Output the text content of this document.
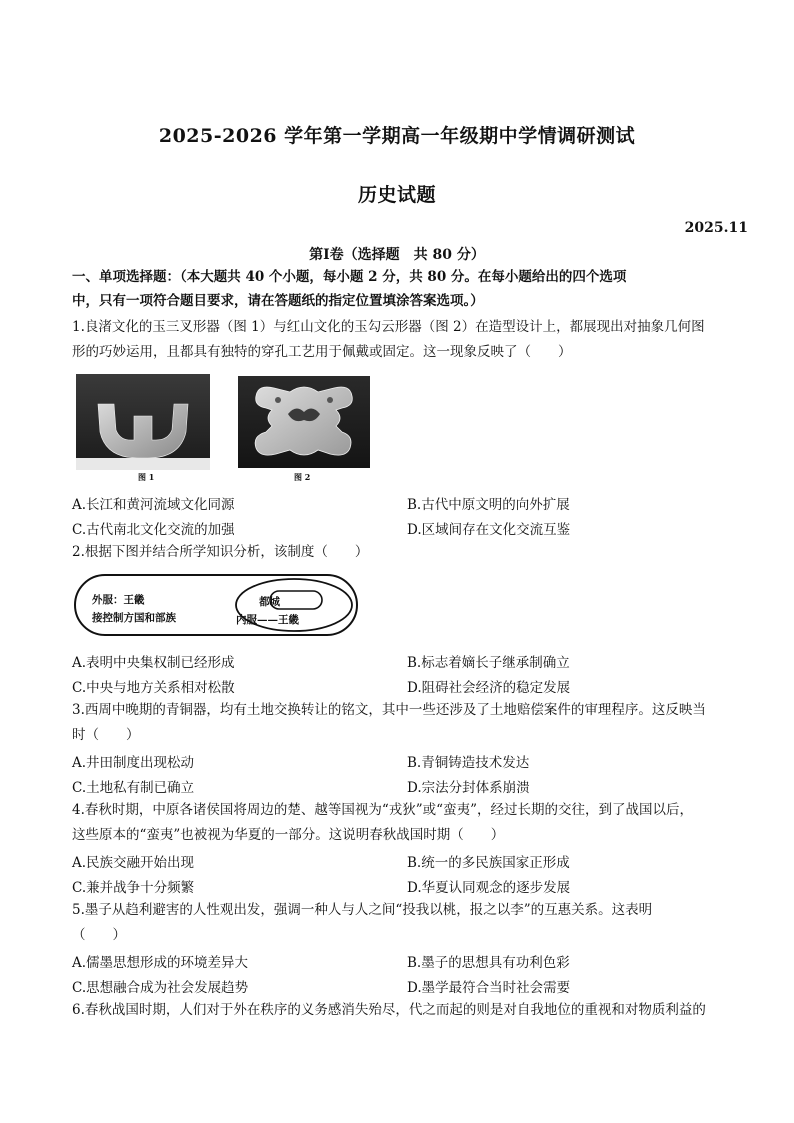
2025-2026 学年第一学期高一年级期中学情调研测试
历史试题
2025.11
第Ⅰ卷（选择题　共 80 分）
一、单项选择题：（本大题共 40 个小题，每小题 2 分，共 80 分。在每小题给出的四个选项
中，只有一项符合题目要求，请在答题纸的指定位置填涂答案选项。）
1.良渚文化的玉三叉形器（图 1）与红山文化的玉勾云形器（图 2）在造型设计上，都展现出对抽象几何图
形的巧妙运用，且都具有独特的穿孔工艺用于佩戴或固定。这一现象反映了（　　）
图 1	图 2
A.长江和黄河流域文化同源	B.古代中原文明的向外扩展
C.古代南北文化交流的加强	D.区域间存在文化交流互鉴
2.根据下图并结合所学知识分析，该制度（　　）
外服：王畿
接控制方国和部族
都城
内服——王畿
A.表明中央集权制已经形成	B.标志着嫡长子继承制确立
C.中央与地方关系相对松散	D.阻碍社会经济的稳定发展
3.西周中晚期的青铜器，均有土地交换转让的铭文，其中一些还涉及了土地赔偿案件的审理程序。这反映当
时（　　）
A.井田制度出现松动	B.青铜铸造技术发达
C.土地私有制已确立	D.宗法分封体系崩溃
4.春秋时期，中原各诸侯国将周边的楚、越等国视为“戎狄”或“蛮夷”，经过长期的交往，到了战国以后，
这些原本的“蛮夷”也被视为华夏的一部分。这说明春秋战国时期（　　）
A.民族交融开始出现	B.统一的多民族国家正形成
C.兼并战争十分频繁	D.华夏认同观念的逐步发展
5.墨子从趋利避害的人性观出发，强调一种人与人之间“投我以桃，报之以李”的互惠关系。这表明
（　　）
A.儒墨思想形成的环境差异大	B.墨子的思想具有功利色彩
C.思想融合成为社会发展趋势	D.墨学最符合当时社会需要
6.春秋战国时期，人们对于外在秩序的义务感消失殆尽，代之而起的则是对自我地位的重视和对物质利益的
